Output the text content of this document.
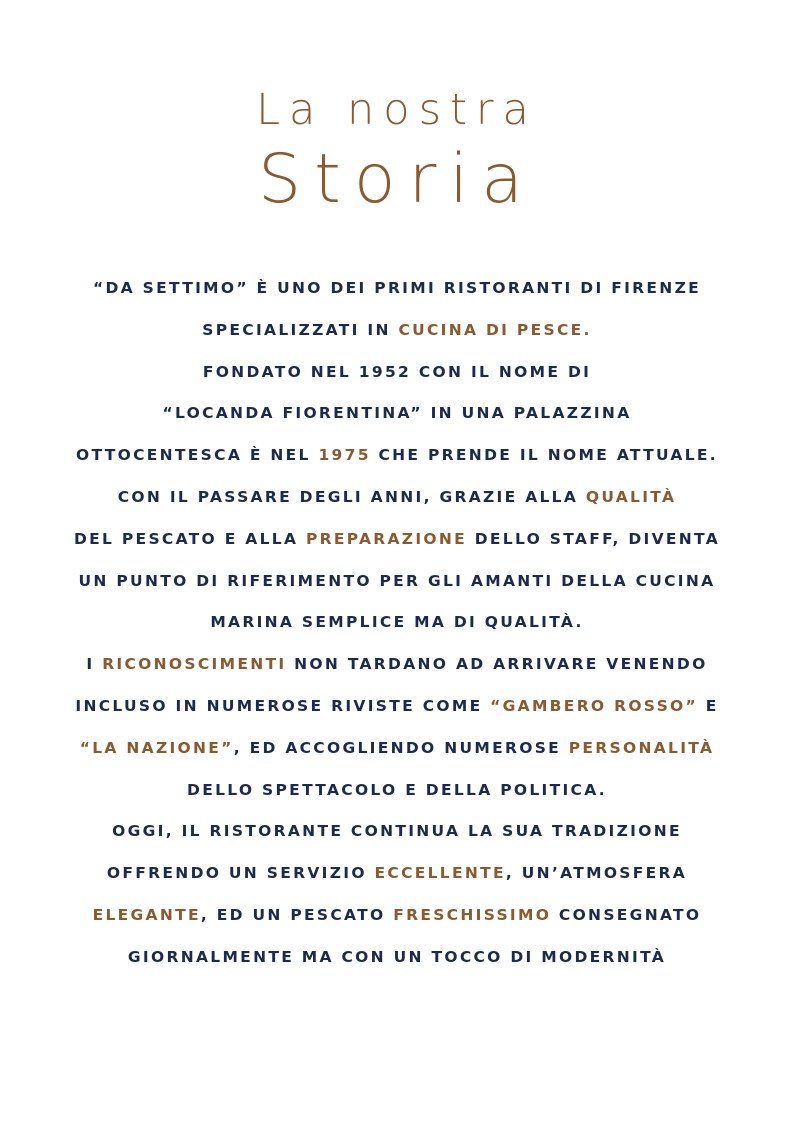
La nostra
Storia
“DA SETTIMO” È UNO DEI PRIMI RISTORANTI DI FIRENZE
SPECIALIZZATI IN CUCINA DI PESCE.
FONDATO NEL 1952 CON IL NOME DI
“LOCANDA FIORENTINA” IN UNA PALAZZINA
OTTOCENTESCA È NEL 1975 CHE PRENDE IL NOME ATTUALE.
CON IL PASSARE DEGLI ANNI, GRAZIE ALLA QUALITÀ
DEL PESCATO E ALLA PREPARAZIONE DELLO STAFF, DIVENTA
UN PUNTO DI RIFERIMENTO PER GLI AMANTI DELLA CUCINA
MARINA SEMPLICE MA DI QUALITÀ.
I RICONOSCIMENTI NON TARDANO AD ARRIVARE VENENDO
INCLUSO IN NUMEROSE RIVISTE COME “GAMBERO ROSSO” E
“LA NAZIONE”, ED ACCOGLIENDO NUMEROSE PERSONALITÀ
DELLO SPETTACOLO E DELLA POLITICA.
OGGI, IL RISTORANTE CONTINUA LA SUA TRADIZIONE
OFFRENDO UN SERVIZIO ECCELLENTE, UN’ATMOSFERA
ELEGANTE, ED UN PESCATO FRESCHISSIMO CONSEGNATO
GIORNALMENTE MA CON UN TOCCO DI MODERNITÀ
